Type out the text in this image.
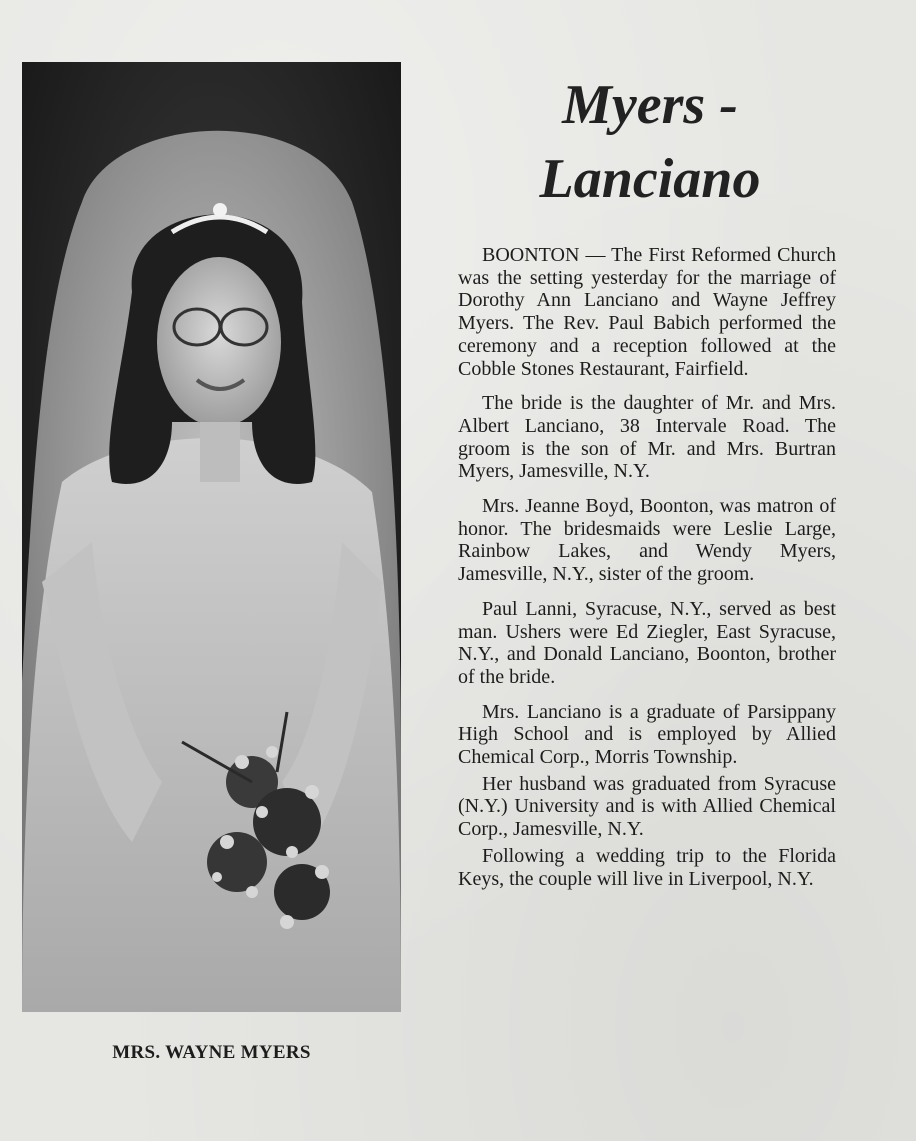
MRS. WAYNE MYERS
Myers -
Lanciano

BOONTON — The First Reformed Church was the setting yesterday for the marriage of Dorothy Ann Lanciano and Wayne Jeffrey Myers. The Rev. Paul Babich performed the ceremony and a reception followed at the Cobble Stones Restaurant, Fairfield.

The bride is the daughter of Mr. and Mrs. Albert Lanciano, 38 Intervale Road. The groom is the son of Mr. and Mrs. Burtran Myers, Jamesville, N.Y.

Mrs. Jeanne Boyd, Boonton, was matron of honor. The bridesmaids were Leslie Large, Rainbow Lakes, and Wendy Myers, Jamesville, N.Y., sister of the groom.

Paul Lanni, Syracuse, N.Y., served as best man. Ushers were Ed Ziegler, East Syracuse, N.Y., and Donald Lanciano, Boonton, brother of the bride.

Mrs. Lanciano is a graduate of Parsippany High School and is employed by Allied Chemical Corp., Morris Township.

Her husband was graduated from Syracuse (N.Y.) University and is with Allied Chemical Corp., Jamesville, N.Y.

Following a wedding trip to the Florida Keys, the couple will live in Liverpool, N.Y.
